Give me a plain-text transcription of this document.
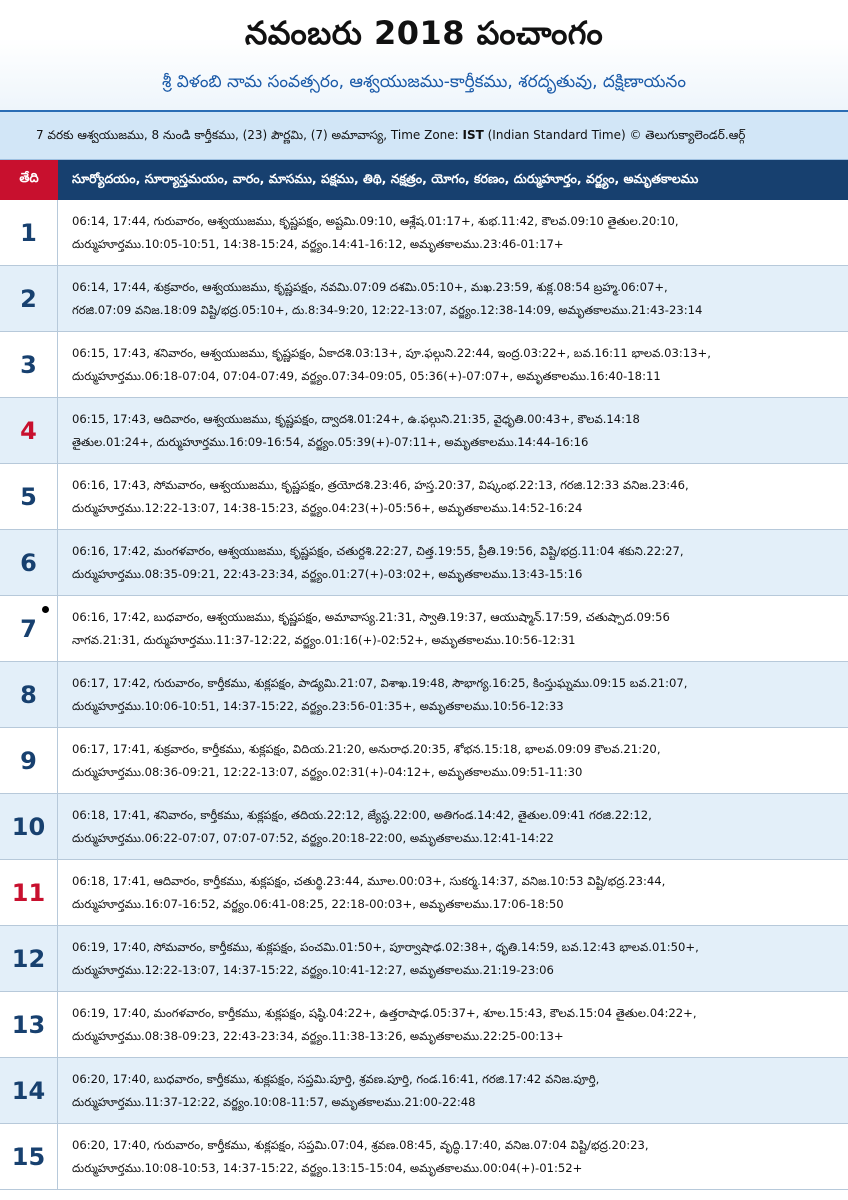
నవంబరు 2018 పంచాంగం
శ్రీ విళంబి నామ సంవత్సరం, ఆశ్వయుజము-కార్తీకము, శరదృతువు, దక్షిణాయనం
7 వరకు ఆశ్వయుజము, 8 నుండి కార్తీకము, (23) పౌర్ణమి, (7) అమావాస్య, Time Zone: IST (Indian Standard Time) © తెలుగుక్యాలెండర్.ఆర్గ్
తేది	సూర్యోదయం, సూర్యాస్తమయం, వారం, మాసము, పక్షము, తిథి, నక్షత్రం, యోగం, కరణం, దుర్ముహూర్తం, వర్జ్యం, అమృతకాలము
1	06:14, 17:44, గురువారం, ఆశ్వయుజము, కృష్ణపక్షం, అష్టమి.09:10, ఆశ్లేష.01:17+, శుభ.11:42, కౌలవ.09:10 తైతుల.20:10,
దుర్ముహూర్తము.10:05-10:51, 14:38-15:24, వర్జ్యం.14:41-16:12, అమృతకాలము.23:46-01:17+
2	06:14, 17:44, శుక్రవారం, ఆశ్వయుజము, కృష్ణపక్షం, నవమి.07:09 దశమి.05:10+, మఖ.23:59, శుక్ల.08:54 బ్రహ్మ.06:07+,
గరజి.07:09 వనిజ.18:09 విష్టి/భద్ర.05:10+, దు.8:34-9:20, 12:22-13:07, వర్జ్యం.12:38-14:09, అమృతకాలము.21:43-23:14
3	06:15, 17:43, శనివారం, ఆశ్వయుజము, కృష్ణపక్షం, ఏకాదశి.03:13+, పూ.ఫల్గుని.22:44, ఇంద్ర.03:22+, బవ.16:11 భాలవ.03:13+,
దుర్ముహూర్తము.06:18-07:04, 07:04-07:49, వర్జ్యం.07:34-09:05, 05:36(+)-07:07+, అమృతకాలము.16:40-18:11
4	06:15, 17:43, ఆదివారం, ఆశ్వయుజము, కృష్ణపక్షం, ద్వాదశి.01:24+, ఉ.ఫల్గుని.21:35, వైధృతి.00:43+, కౌలవ.14:18
తైతుల.01:24+, దుర్ముహూర్తము.16:09-16:54, వర్జ్యం.05:39(+)-07:11+, అమృతకాలము.14:44-16:16
5	06:16, 17:43, సోమవారం, ఆశ్వయుజము, కృష్ణపక్షం, త్రయోదశి.23:46, హస్త.20:37, విష్కంభ.22:13, గరజి.12:33 వనిజ.23:46,
దుర్ముహూర్తము.12:22-13:07, 14:38-15:23, వర్జ్యం.04:23(+)-05:56+, అమృతకాలము.14:52-16:24
6	06:16, 17:42, మంగళవారం, ఆశ్వయుజము, కృష్ణపక్షం, చతుర్దశి.22:27, చిత్త.19:55, ప్రీతి.19:56, విష్టి/భద్ర.11:04 శకుని.22:27,
దుర్ముహూర్తము.08:35-09:21, 22:43-23:34, వర్జ్యం.01:27(+)-03:02+, అమృతకాలము.13:43-15:16
7	06:16, 17:42, బుధవారం, ఆశ్వయుజము, కృష్ణపక్షం, అమావాస్య.21:31, స్వాతి.19:37, ఆయుష్మాన్.17:59, చతుష్పాద.09:56
నాగవ.21:31, దుర్ముహూర్తము.11:37-12:22, వర్జ్యం.01:16(+)-02:52+, అమృతకాలము.10:56-12:31
8	06:17, 17:42, గురువారం, కార్తీకము, శుక్లపక్షం, పాడ్యమి.21:07, విశాఖ.19:48, సౌభాగ్య.16:25, కింస్తుఘ్నము.09:15 బవ.21:07,
దుర్ముహూర్తము.10:06-10:51, 14:37-15:22, వర్జ్యం.23:56-01:35+, అమృతకాలము.10:56-12:33
9	06:17, 17:41, శుక్రవారం, కార్తీకము, శుక్లపక్షం, విదియ.21:20, అనురాధ.20:35, శోభన.15:18, భాలవ.09:09 కౌలవ.21:20,
దుర్ముహూర్తము.08:36-09:21, 12:22-13:07, వర్జ్యం.02:31(+)-04:12+, అమృతకాలము.09:51-11:30
10	06:18, 17:41, శనివారం, కార్తీకము, శుక్లపక్షం, తదియ.22:12, జ్యేష్ఠ.22:00, అతిగండ.14:42, తైతుల.09:41 గరజి.22:12,
దుర్ముహూర్తము.06:22-07:07, 07:07-07:52, వర్జ్యం.20:18-22:00, అమృతకాలము.12:41-14:22
11	06:18, 17:41, ఆదివారం, కార్తీకము, శుక్లపక్షం, చతుర్థి.23:44, మూల.00:03+, సుకర్మ.14:37, వనిజ.10:53 విష్టి/భద్ర.23:44,
దుర్ముహూర్తము.16:07-16:52, వర్జ్యం.06:41-08:25, 22:18-00:03+, అమృతకాలము.17:06-18:50
12	06:19, 17:40, సోమవారం, కార్తీకము, శుక్లపక్షం, పంచమి.01:50+, పూర్వాషాఢ.02:38+, ధృతి.14:59, బవ.12:43 భాలవ.01:50+,
దుర్ముహూర్తము.12:22-13:07, 14:37-15:22, వర్జ్యం.10:41-12:27, అమృతకాలము.21:19-23:06
13	06:19, 17:40, మంగళవారం, కార్తీకము, శుక్లపక్షం, షష్ఠి.04:22+, ఉత్తరాషాఢ.05:37+, శూల.15:43, కౌలవ.15:04 తైతుల.04:22+,
దుర్ముహూర్తము.08:38-09:23, 22:43-23:34, వర్జ్యం.11:38-13:26, అమృతకాలము.22:25-00:13+
14	06:20, 17:40, బుధవారం, కార్తీకము, శుక్లపక్షం, సప్తమి.పూర్తి, శ్రవణ.పూర్తి, గండ.16:41, గరజి.17:42 వనిజ.పూర్తి,
దుర్ముహూర్తము.11:37-12:22, వర్జ్యం.10:08-11:57, అమృతకాలము.21:00-22:48
15	06:20, 17:40, గురువారం, కార్తీకము, శుక్లపక్షం, సప్తమి.07:04, శ్రవణ.08:45, వృద్ధి.17:40, వనిజ.07:04 విష్టి/భద్ర.20:23,
దుర్ముహూర్తము.10:08-10:53, 14:37-15:22, వర్జ్యం.13:15-15:04, అమృతకాలము.00:04(+)-01:52+
